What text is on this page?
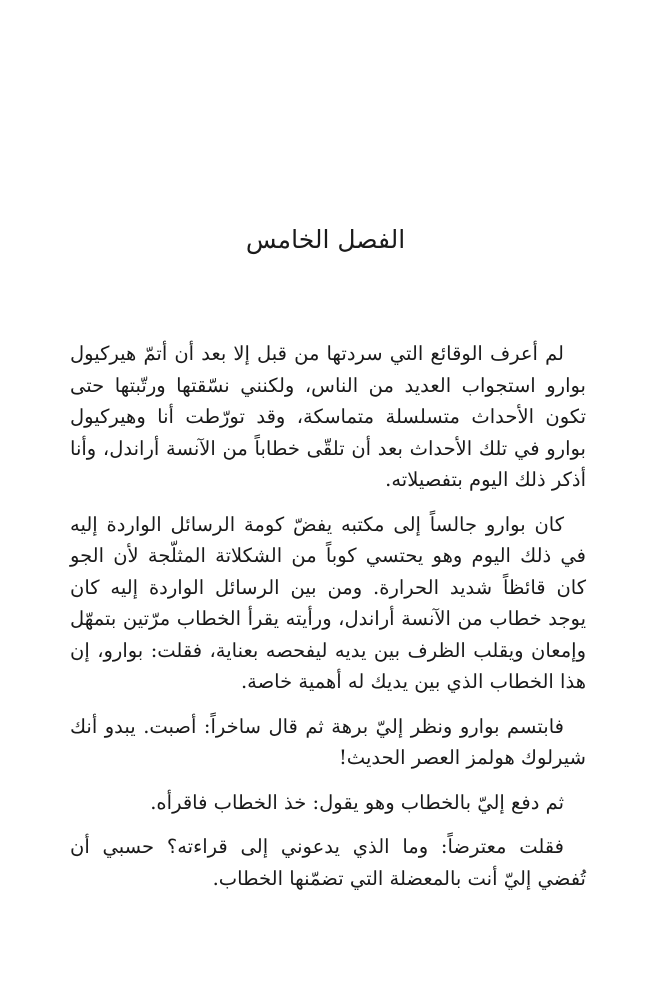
الفصل الخامس

لم أعرف الوقائع التي سردتها من قبل إلا بعد أن أتمّ هيركيول بوارو استجواب العديد من الناس، ولكنني نسّقتها ورتّبتها حتى تكون الأحداث متسلسلة متماسكة، وقد تورّطت أنا وهيركيول بوارو في تلك الأحداث بعد أن تلقّى خطاباً من الآنسة أراندل، وأنا أذكر ذلك اليوم بتفصيلاته.

كان بوارو جالساً إلى مكتبه يفضّ كومة الرسائل الواردة إليه في ذلك اليوم وهو يحتسي كوباً من الشكلاتة المثلّجة لأن الجو كان قائظاً شديد الحرارة. ومن بين الرسائل الواردة إليه كان يوجد خطاب من الآنسة أراندل، ورأيته يقرأ الخطاب مرّتين بتمهّل وإمعان ويقلب الظرف بين يديه ليفحصه بعناية، فقلت: بوارو، إن هذا الخطاب الذي بين يديك له أهمية خاصة.

فابتسم بوارو ونظر إليّ برهة ثم قال ساخراً: أصبت. يبدو أنك شيرلوك هولمز العصر الحديث!

ثم دفع إليّ بالخطاب وهو يقول: خذ الخطاب فاقرأه.

فقلت معترضاً: وما الذي يدعوني إلى قراءته؟ حسبي أن تُفضي إليّ أنت بالمعضلة التي تضمّنها الخطاب.
